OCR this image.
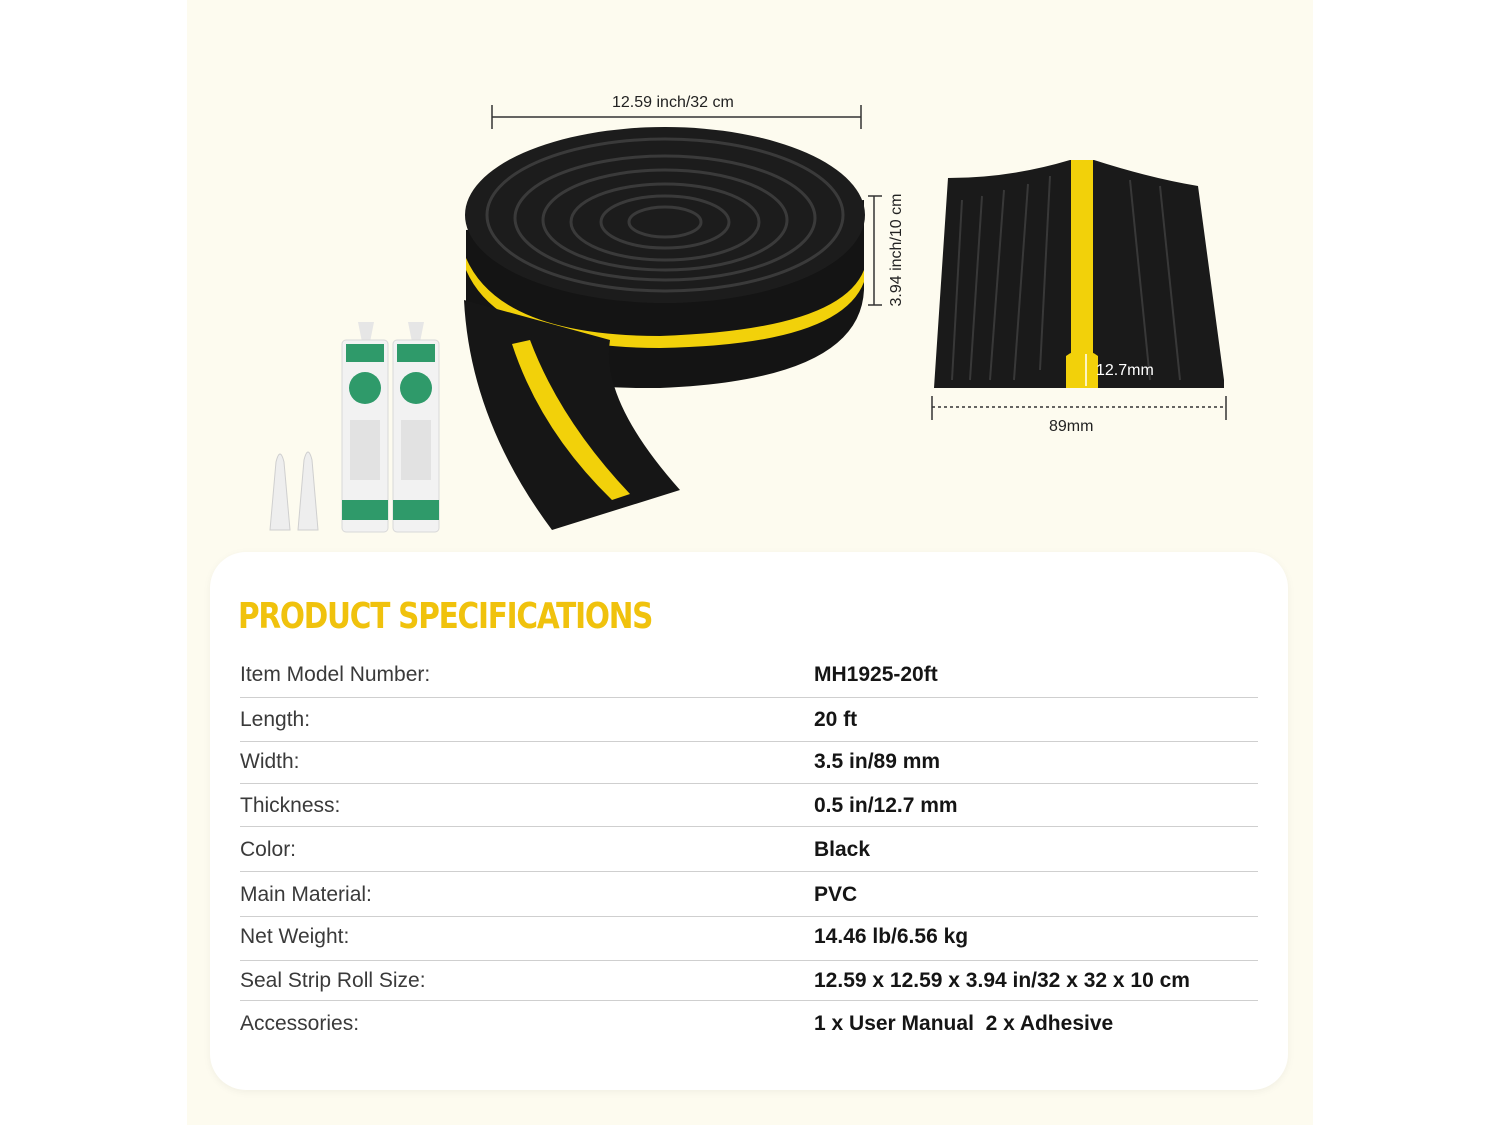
12.59 inch/32 cm
3.94 inch/10 cm
12.7mm
89mm
PRODUCT SPECIFICATIONS
Item Model Number:	MH1925-20ft
Length:	20 ft
Width:	3.5 in/89 mm
Thickness:	0.5 in/12.7 mm
Color:	Black
Main Material:	PVC
Net Weight:	14.46 lb/6.56 kg
Seal Strip Roll Size:	12.59 x 12.59 x 3.94 in/32 x 32 x 10 cm
Accessories:	1 x User Manual  2 x Adhesive
